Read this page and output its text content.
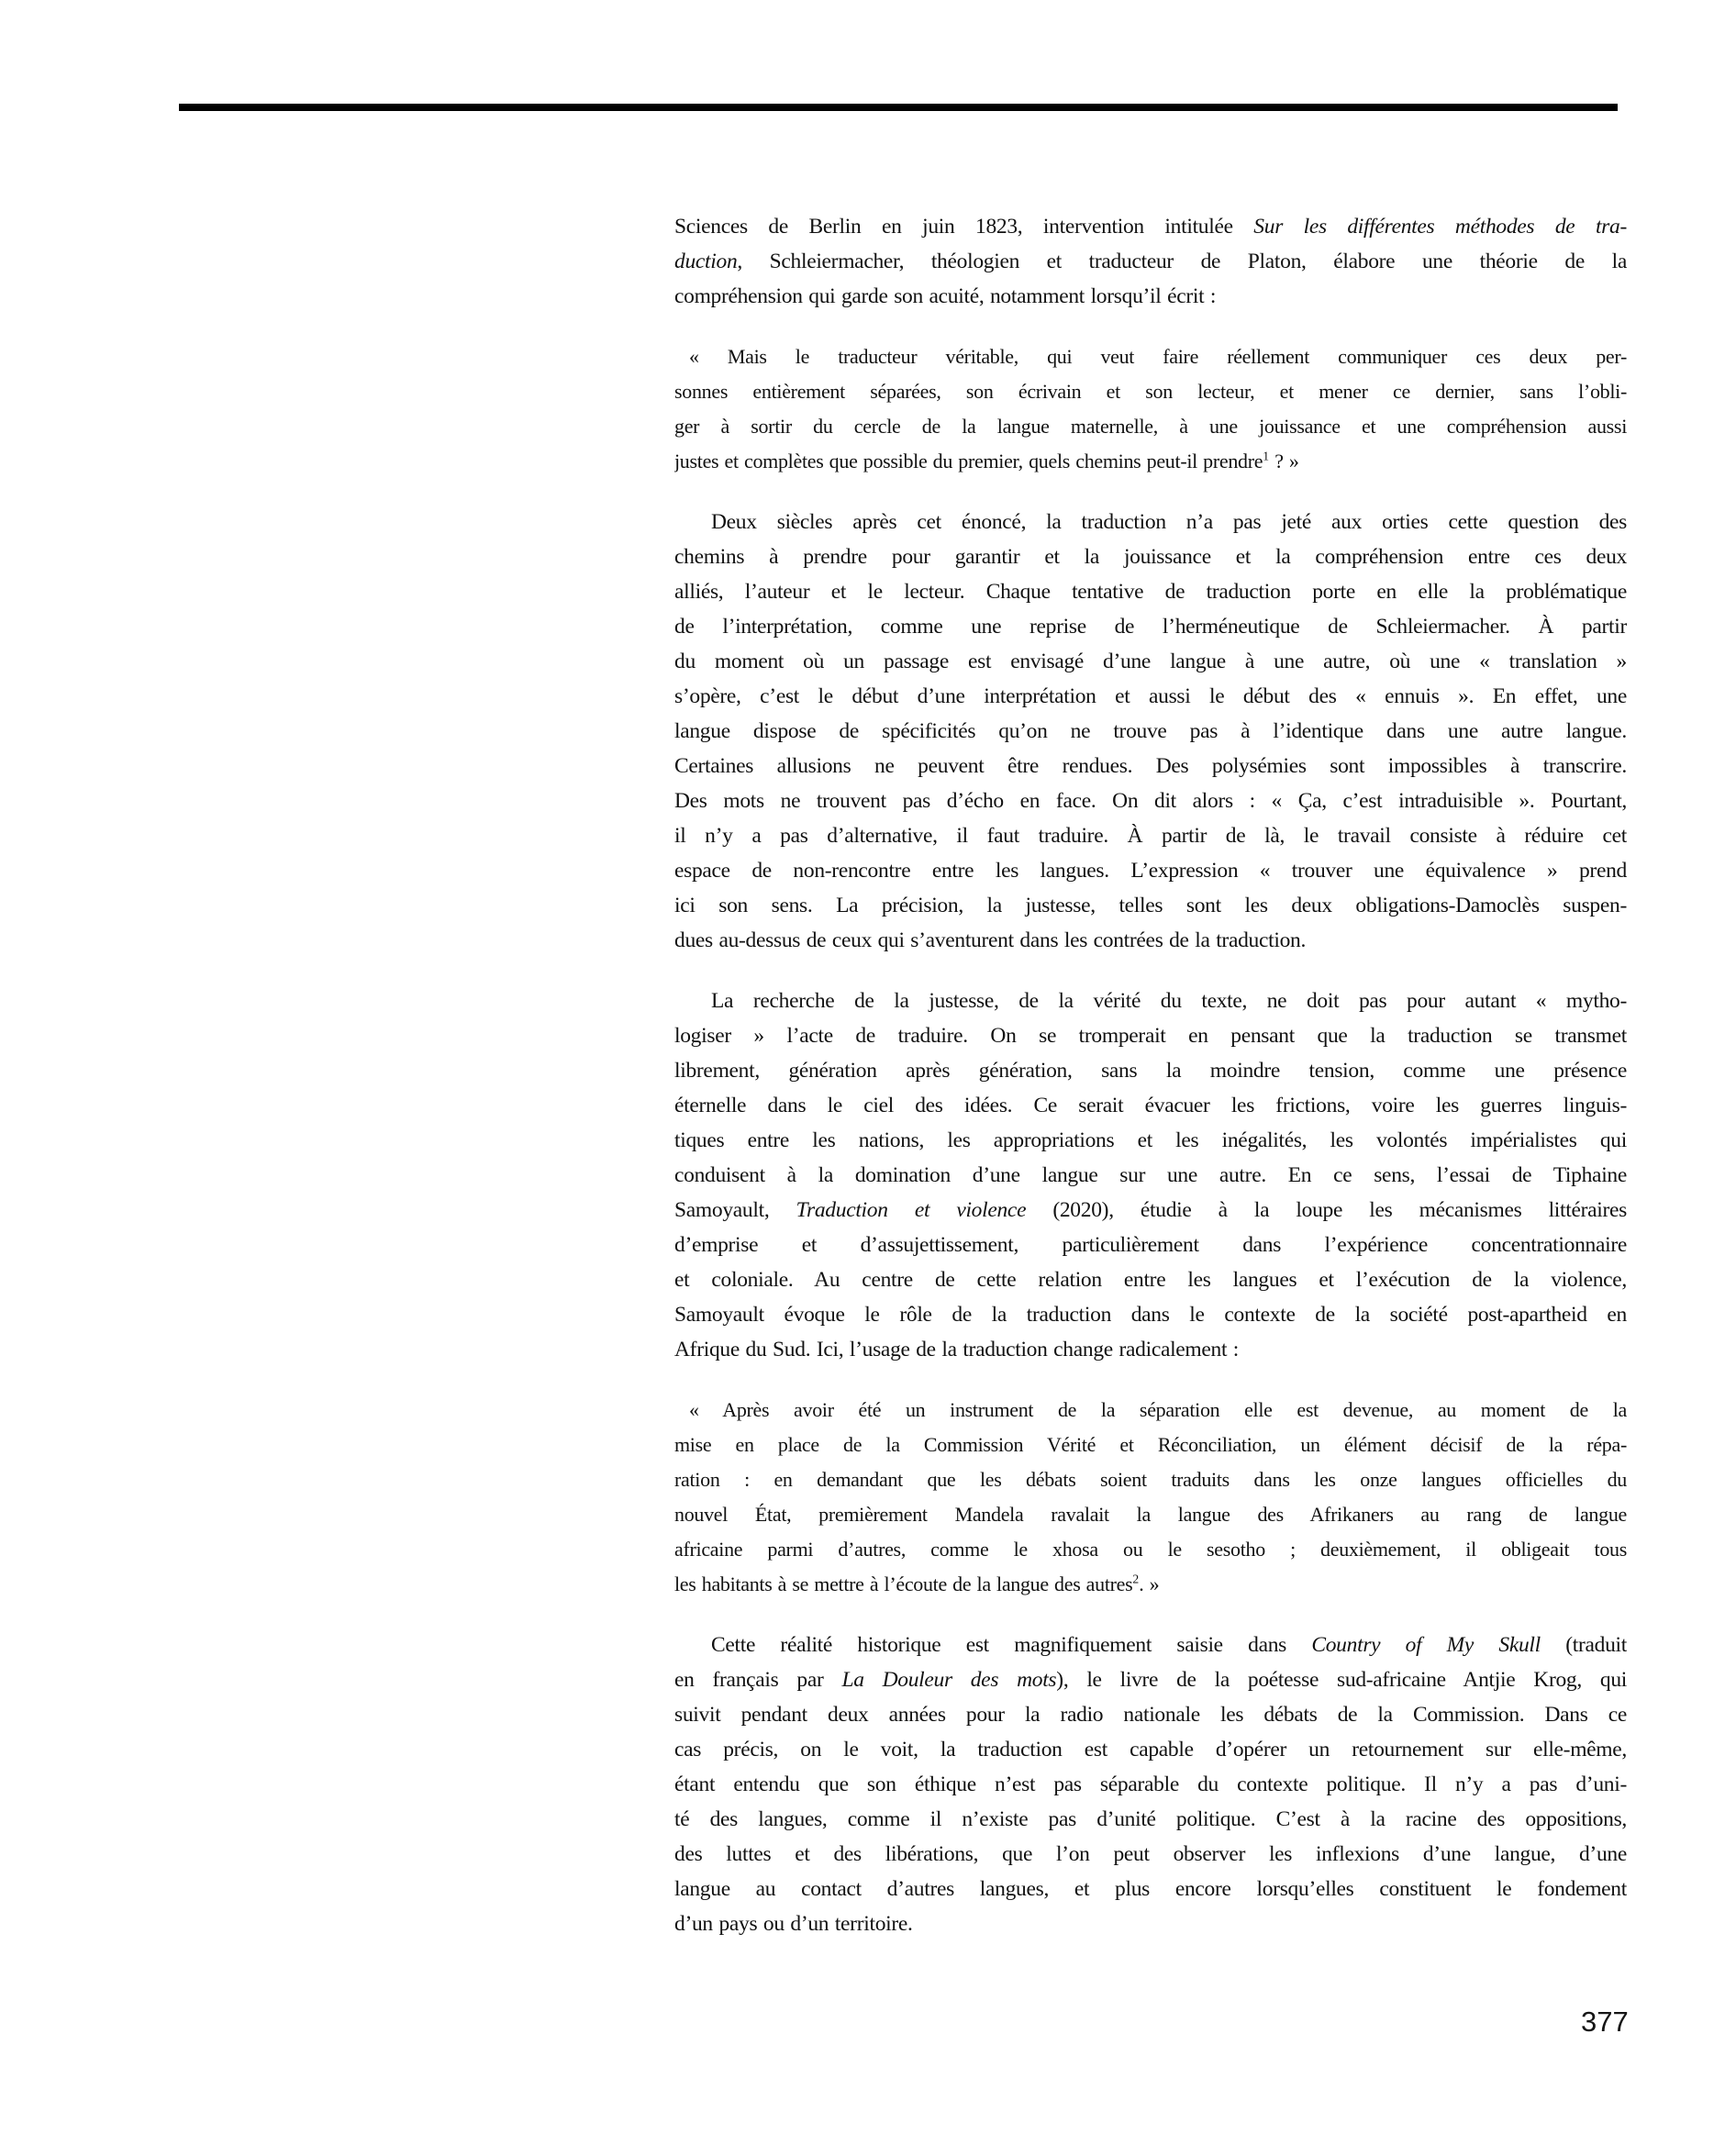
Sciences de Berlin en juin 1823, intervention intitulée Sur les différentes méthodes de tra-
duction, Schleiermacher, théologien et traducteur de Platon, élabore une théorie de la
compréhension qui garde son acuité, notamment lorsqu’il écrit :
« Mais le traducteur véritable, qui veut faire réellement communiquer ces deux per-
sonnes entièrement séparées, son écrivain et son lecteur, et mener ce dernier, sans l’obli-
ger à sortir du cercle de la langue maternelle, à une jouissance et une compréhension aussi
justes et complètes que possible du premier, quels chemins peut-il prendre$^1$ ? »
Deux siècles après cet énoncé, la traduction n’a pas jeté aux orties cette question des
chemins à prendre pour garantir et la jouissance et la compréhension entre ces deux
alliés, l’auteur et le lecteur. Chaque tentative de traduction porte en elle la problématique
de l’interprétation, comme une reprise de l’herméneutique de Schleiermacher. À partir
du moment où un passage est envisagé d’une langue à une autre, où une « translation »
s’opère, c’est le début d’une interprétation et aussi le début des « ennuis ». En effet, une
langue dispose de spécificités qu’on ne trouve pas à l’identique dans une autre langue.
Certaines allusions ne peuvent être rendues. Des polysémies sont impossibles à transcrire.
Des mots ne trouvent pas d’écho en face. On dit alors : « Ça, c’est intraduisible ». Pourtant,
il n’y a pas d’alternative, il faut traduire. À partir de là, le travail consiste à réduire cet
espace de non-rencontre entre les langues. L’expression « trouver une équivalence » prend
ici son sens. La précision, la justesse, telles sont les deux obligations-Damoclès suspen-
dues au-dessus de ceux qui s’aventurent dans les contrées de la traduction.
La recherche de la justesse, de la vérité du texte, ne doit pas pour autant « mytho-
logiser » l’acte de traduire. On se tromperait en pensant que la traduction se transmet
librement, génération après génération, sans la moindre tension, comme une présence
éternelle dans le ciel des idées. Ce serait évacuer les frictions, voire les guerres linguis-
tiques entre les nations, les appropriations et les inégalités, les volontés impérialistes qui
conduisent à la domination d’une langue sur une autre. En ce sens, l’essai de Tiphaine
Samoyault, Traduction et violence (2020), étudie à la loupe les mécanismes littéraires
d’emprise et d’assujettissement, particulièrement dans l’expérience concentrationnaire
et coloniale. Au centre de cette relation entre les langues et l’exécution de la violence,
Samoyault évoque le rôle de la traduction dans le contexte de la société post-apartheid en
Afrique du Sud. Ici, l’usage de la traduction change radicalement :
« Après avoir été un instrument de la séparation elle est devenue, au moment de la
mise en place de la Commission Vérité et Réconciliation, un élément décisif de la répa-
ration : en demandant que les débats soient traduits dans les onze langues officielles du
nouvel État, premièrement Mandela ravalait la langue des Afrikaners au rang de langue
africaine parmi d’autres, comme le xhosa ou le sesotho ; deuxièmement, il obligeait tous
les habitants à se mettre à l’écoute de la langue des autres$^2$. »
Cette réalité historique est magnifiquement saisie dans Country of My Skull (traduit
en français par La Douleur des mots), le livre de la poétesse sud-africaine Antjie Krog, qui
suivit pendant deux années pour la radio nationale les débats de la Commission. Dans ce
cas précis, on le voit, la traduction est capable d’opérer un retournement sur elle-même,
étant entendu que son éthique n’est pas séparable du contexte politique. Il n’y a pas d’uni-
té des langues, comme il n’existe pas d’unité politique. C’est à la racine des oppositions,
des luttes et des libérations, que l’on peut observer les inflexions d’une langue, d’une
langue au contact d’autres langues, et plus encore lorsqu’elles constituent le fondement
d’un pays ou d’un territoire.
377
